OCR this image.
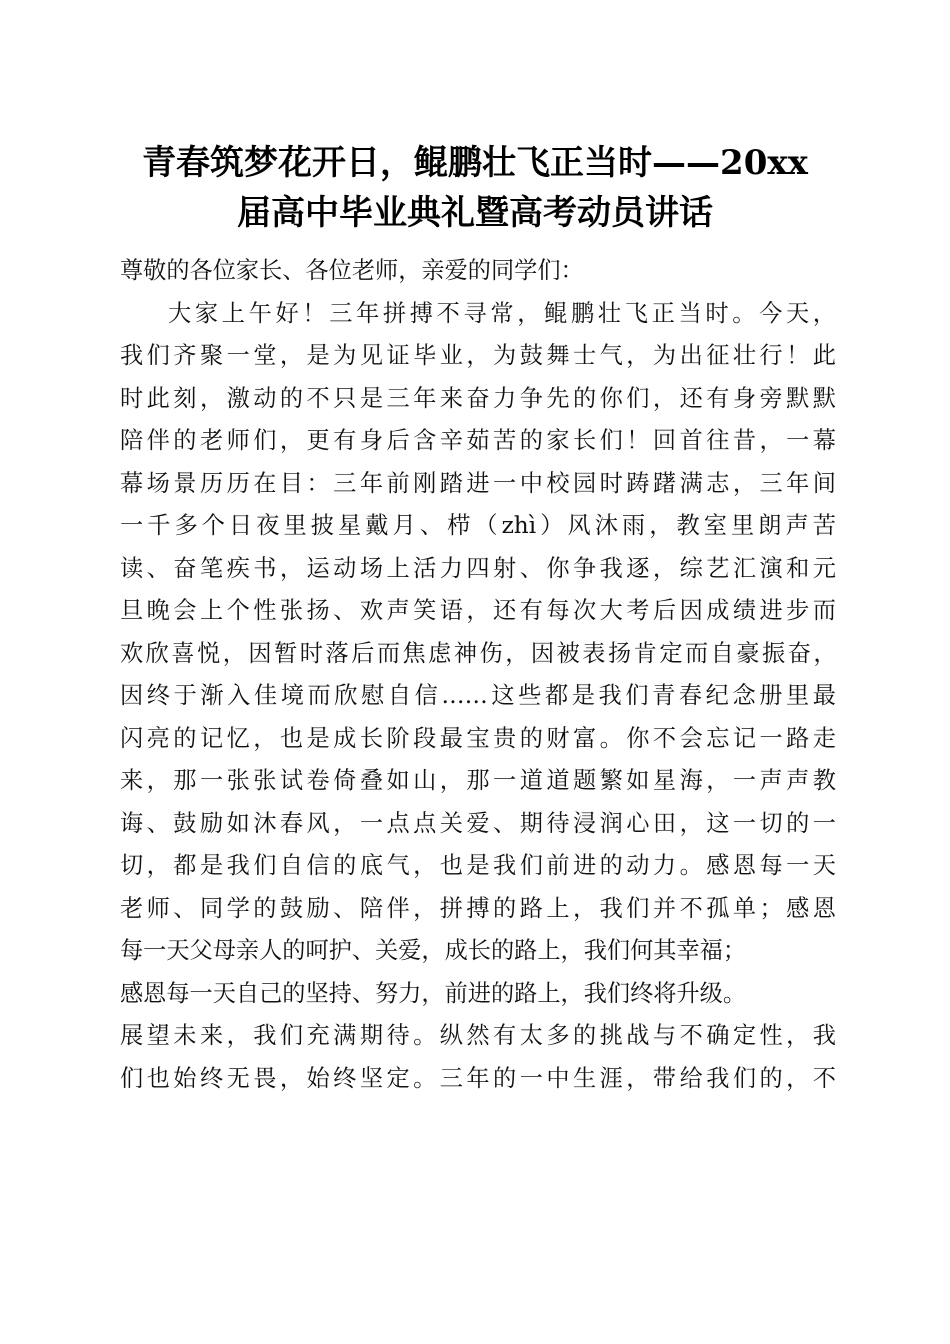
青春筑梦花开日，鲲鹏壮飞正当时——20xx
届高中毕业典礼暨高考动员讲话
尊敬的各位家长、各位老师，亲爱的同学们：
大家上午好！三年拼搏不寻常，鲲鹏壮飞正当时。今天，
我们齐聚一堂，是为见证毕业，为鼓舞士气，为出征壮行！此
时此刻，激动的不只是三年来奋力争先的你们，还有身旁默默
陪伴的老师们，更有身后含辛茹苦的家长们！回首往昔，一幕
幕场景历历在目：三年前刚踏进一中校园时踌躇满志，三年间
一千多个日夜里披星戴月、栉（zhì）风沐雨，教室里朗声苦
读、奋笔疾书，运动场上活力四射、你争我逐，综艺汇演和元
旦晚会上个性张扬、欢声笑语，还有每次大考后因成绩进步而
欢欣喜悦，因暂时落后而焦虑神伤，因被表扬肯定而自豪振奋，
因终于渐入佳境而欣慰自信……这些都是我们青春纪念册里最
闪亮的记忆，也是成长阶段最宝贵的财富。你不会忘记一路走
来，那一张张试卷倚叠如山，那一道道题繁如星海，一声声教
诲、鼓励如沐春风，一点点关爱、期待浸润心田，这一切的一
切，都是我们自信的底气，也是我们前进的动力。感恩每一天
老师、同学的鼓励、陪伴，拼搏的路上，我们并不孤单；感恩
每一天父母亲人的呵护、关爱，成长的路上，我们何其幸福；
感恩每一天自己的坚持、努力，前进的路上，我们终将升级。
展望未来，我们充满期待。纵然有太多的挑战与不确定性，我
们也始终无畏，始终坚定。三年的一中生涯，带给我们的，不
